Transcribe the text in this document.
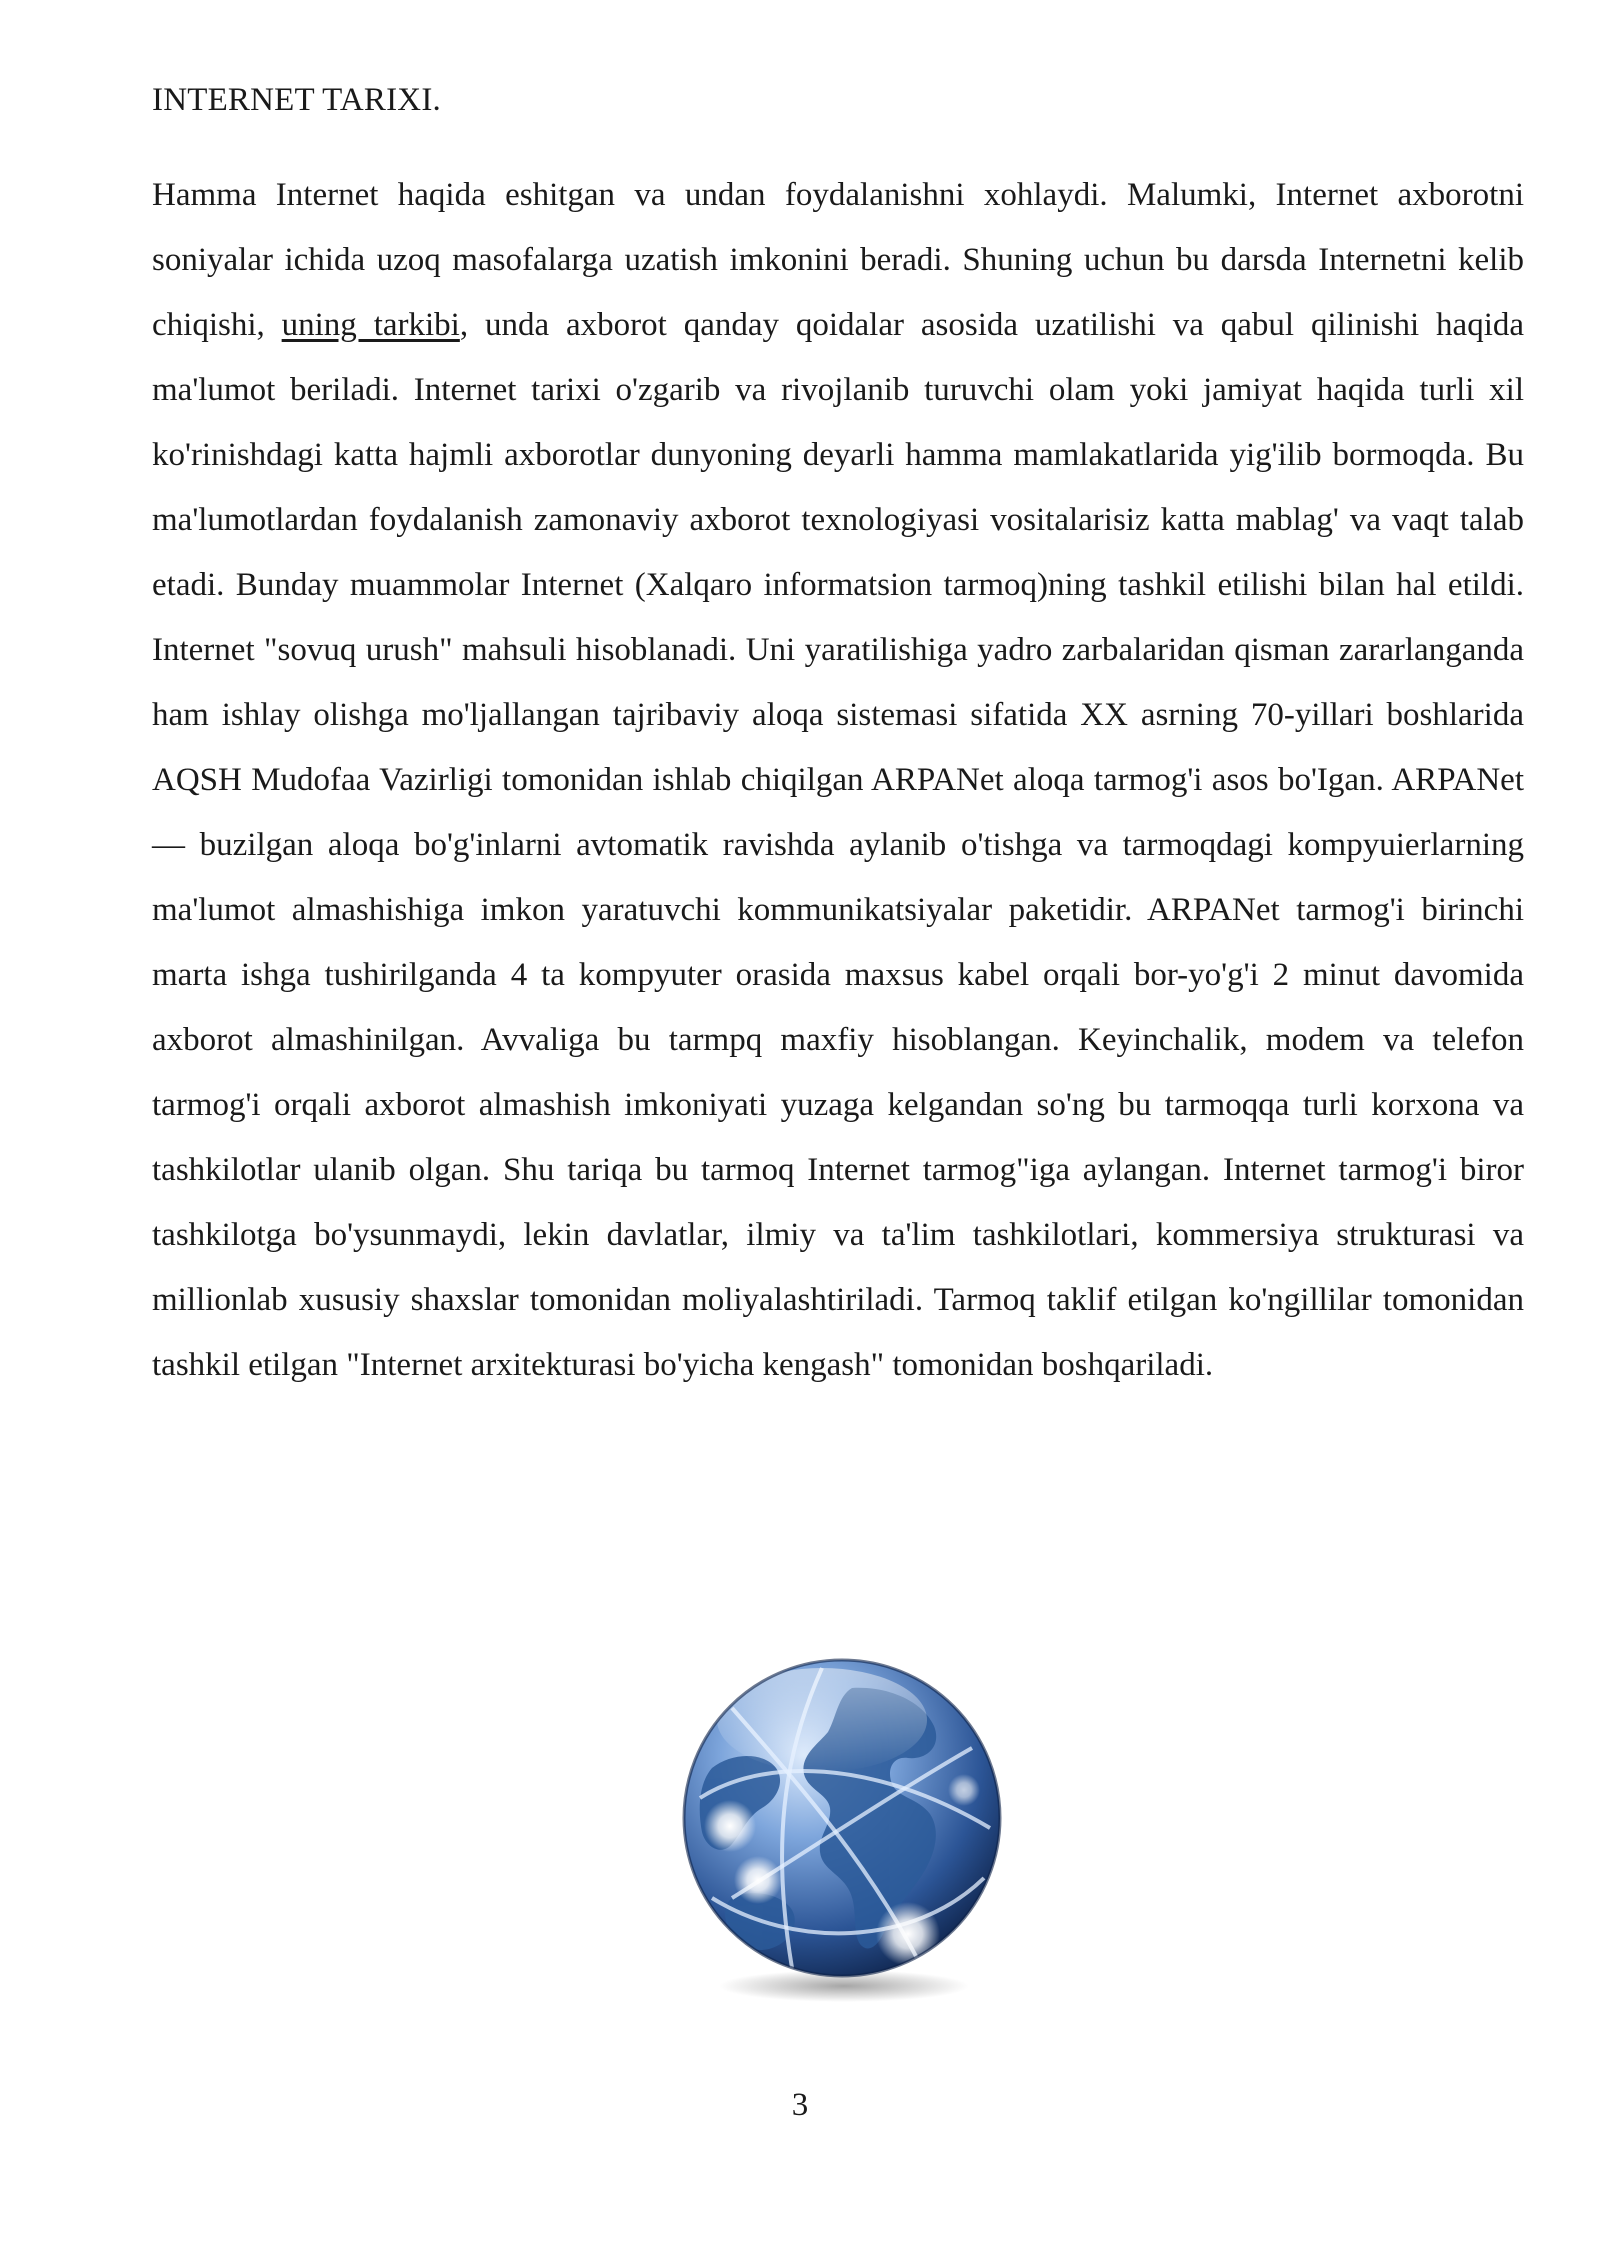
INTERNET TARIXI.

Hamma Internet haqida eshitgan va undan foydalanishni xohlaydi. Malumki, Internet axborotni soniyalar ichida uzoq masofalarga uzatish imkonini beradi. Shuning uchun bu darsda Internetni kelib chiqishi, uning tarkibi, unda axborot qanday qoidalar asosida uzatilishi va qabul qilinishi haqida ma'lumot beriladi. Internet tarixi o'zgarib va rivojlanib turuvchi olam yoki jamiyat haqida turli xil ko'rinishdagi katta hajmli axborotlar dunyoning deyarli hamma mamlakatlarida yig'ilib bormoqda. Bu ma'lumotlardan foydalanish zamonaviy axborot texnologiyasi vositalarisiz katta mablag' va vaqt talab etadi. Bunday muammolar Internet (Xalqaro informatsion tarmoq)ning tashkil etilishi bilan hal etildi. Internet "sovuq urush" mahsuli hisoblanadi. Uni yaratilishiga yadro zarbalaridan qisman zararlanganda ham ishlay olishga mo'ljallangan tajribaviy aloqa sistemasi sifatida XX asrning 70-yillari boshlarida AQSH Mudofaa Vazirligi tomonidan ishlab chiqilgan ARPANet aloqa tarmog'i asos bo'Igan. ARPANet — buzilgan aloqa bo'g'inlarni avtomatik ravishda aylanib o'tishga va tarmoqdagi kompyuierlarning ma'lumot almashishiga imkon yaratuvchi kommunikatsiyalar paketidir. ARPANet tarmog'i birinchi marta ishga tushirilganda 4 ta kompyuter orasida maxsus kabel orqali bor-yo'g'i 2 minut davomida axborot almashinilgan. Avvaliga bu tarmpq maxfiy hisoblangan. Keyinchalik, modem va telefon tarmog'i orqali axborot almashish imkoniyati yuzaga kelgandan so'ng bu tarmoqqa turli korxona va tashkilotlar ulanib olgan. Shu tariqa bu tarmoq Internet tarmog"iga aylangan. Internet tarmog'i biror tashkilotga bo'ysunmaydi, lekin davlatlar, ilmiy va ta'lim tashkilotlari, kommersiya strukturasi va millionlab xususiy shaxslar tomonidan moliyalashtiriladi. Tarmoq taklif etilgan ko'ngillilar tomonidan tashkil etilgan "Internet arxitekturasi bo'yicha kengash" tomonidan boshqariladi.

3
